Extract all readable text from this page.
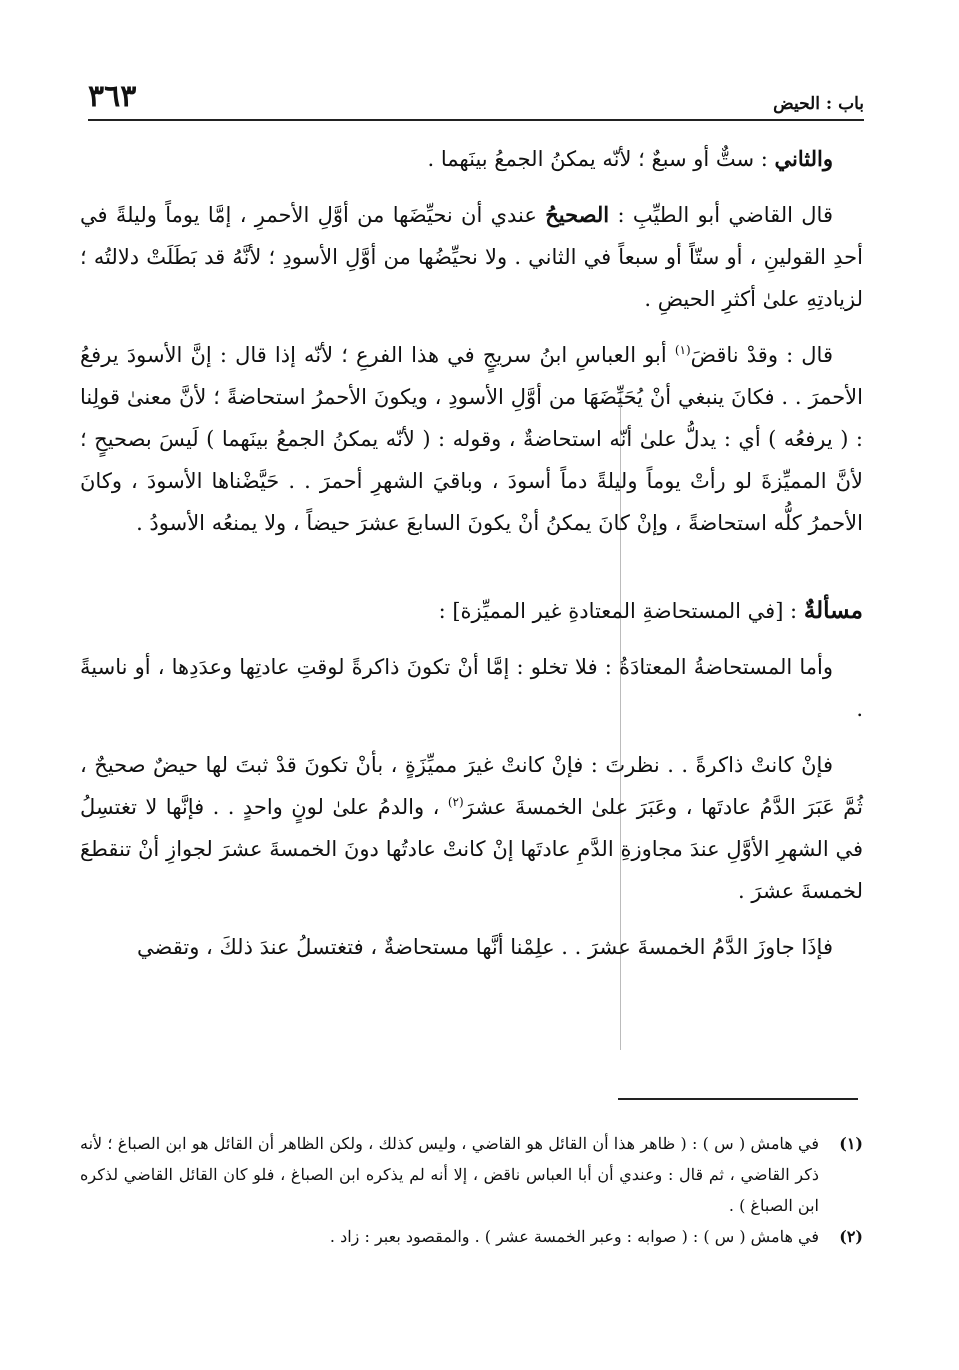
٣٦٣	باب : الحيض

والثاني : ستٌّ أو سبعٌ ؛ لأنّه يمكنُ الجمعُ بينَهما .

قال القاضي أبو الطيِّبِ : الصحيحُ عندي أن نحيِّضَها من أوَّلِ الأحمرِ ، إمَّا يوماً وليلةً في أحدِ القولينِ ، أو ستّاً أو سبعاً في الثاني . ولا نحيِّضُها من أوَّلِ الأسودِ ؛ لأنَّهُ قد بَطَلَتْ دلالتُه ؛ لزيادتِهِ علىٰ أكثرِ الحيضِ .

قال : وقدْ ناقضَ$^{(١)}$ أبو العباسِ ابنُ سريجٍ في هذا الفرعِ ؛ لأنّه إذا قال : إنَّ الأسودَ يرفعُ الأحمرَ . . فكانَ ينبغي أنْ يُحَيِّضَهَا من أوَّلِ الأسودِ ، ويكونَ الأحمرُ استحاضةً ؛ لأنَّ معنىٰ قولِنا : ( يرفعُه ) أي : يدلُّ علىٰ أنّه استحاضةٌ ، وقوله : ( لأنّه يمكنُ الجمعُ بينَهما ) لَيسَ بصحيحٍ ؛ لأنَّ المميِّزةَ لو رأتْ يوماً وليلةً دماً أسودَ ، وباقيَ الشهرِ أحمرَ . . حَيَّضْناها الأسودَ ، وكانَ الأحمرُ كلُّه استحاضةً ، وإنْ كانَ يمكنُ أنْ يكونَ السابعَ عشرَ حيضاً ، ولا يمنعُه الأسودُ .

مسألةٌ : [في المستحاضةِ المعتادةِ غير المميِّزة] :

وأما المستحاضةُ المعتادَةُ : فلا تخلو : إمَّا أنْ تكونَ ذاكرةً لوقتِ عادتِها وعدَدِها ، أو ناسيةً .

فإنْ كانتْ ذاكرةً . . نظرتَ : فإنْ كانتْ غيرَ مميِّزَةٍ ، بأنْ تكونَ قدْ ثبتَ لها حيضٌ صحيحٌ ، ثُمَّ عَبَرَ الدَّمُ عادتَها ، وعَبَرَ علىٰ الخمسةَ عشرَ$^{(٢)}$ ، والدمُ علىٰ لونٍ واحدٍ . . فإنَّها لا تغتسِلُ في الشهرِ الأوَّلِ عندَ مجاوزةِ الدَّمِ عادتَها إنْ كانتْ عادتُها دونَ الخمسةَ عشرَ لجوازِ أنْ تنقطعَ لخمسةَ عشرَ .

فإذَا جاوزَ الدَّمُ الخمسةَ عشرَ . . علِمْنا أنَّها مستحاضةٌ ، فتغتسلُ عندَ ذلكَ ، وتقضي

(١)
في هامش ( س ) : ( ظاهر هذا أن القائل هو القاضي ، وليس كذلك ، ولكن الظاهر أن القائل هو ابن الصباغ ؛ لأنه ذكر القاضي ، ثم قال : وعندي أن أبا العباس ناقض ، إلا أنه لم يذكره ابن الصباغ ، فلو كان القائل القاضي لذكره ابن الصباغ ) .
(٢)
في هامش ( س ) : ( صوابه : وعبر الخمسة عشر ) . والمقصود بعبر : زاد .
